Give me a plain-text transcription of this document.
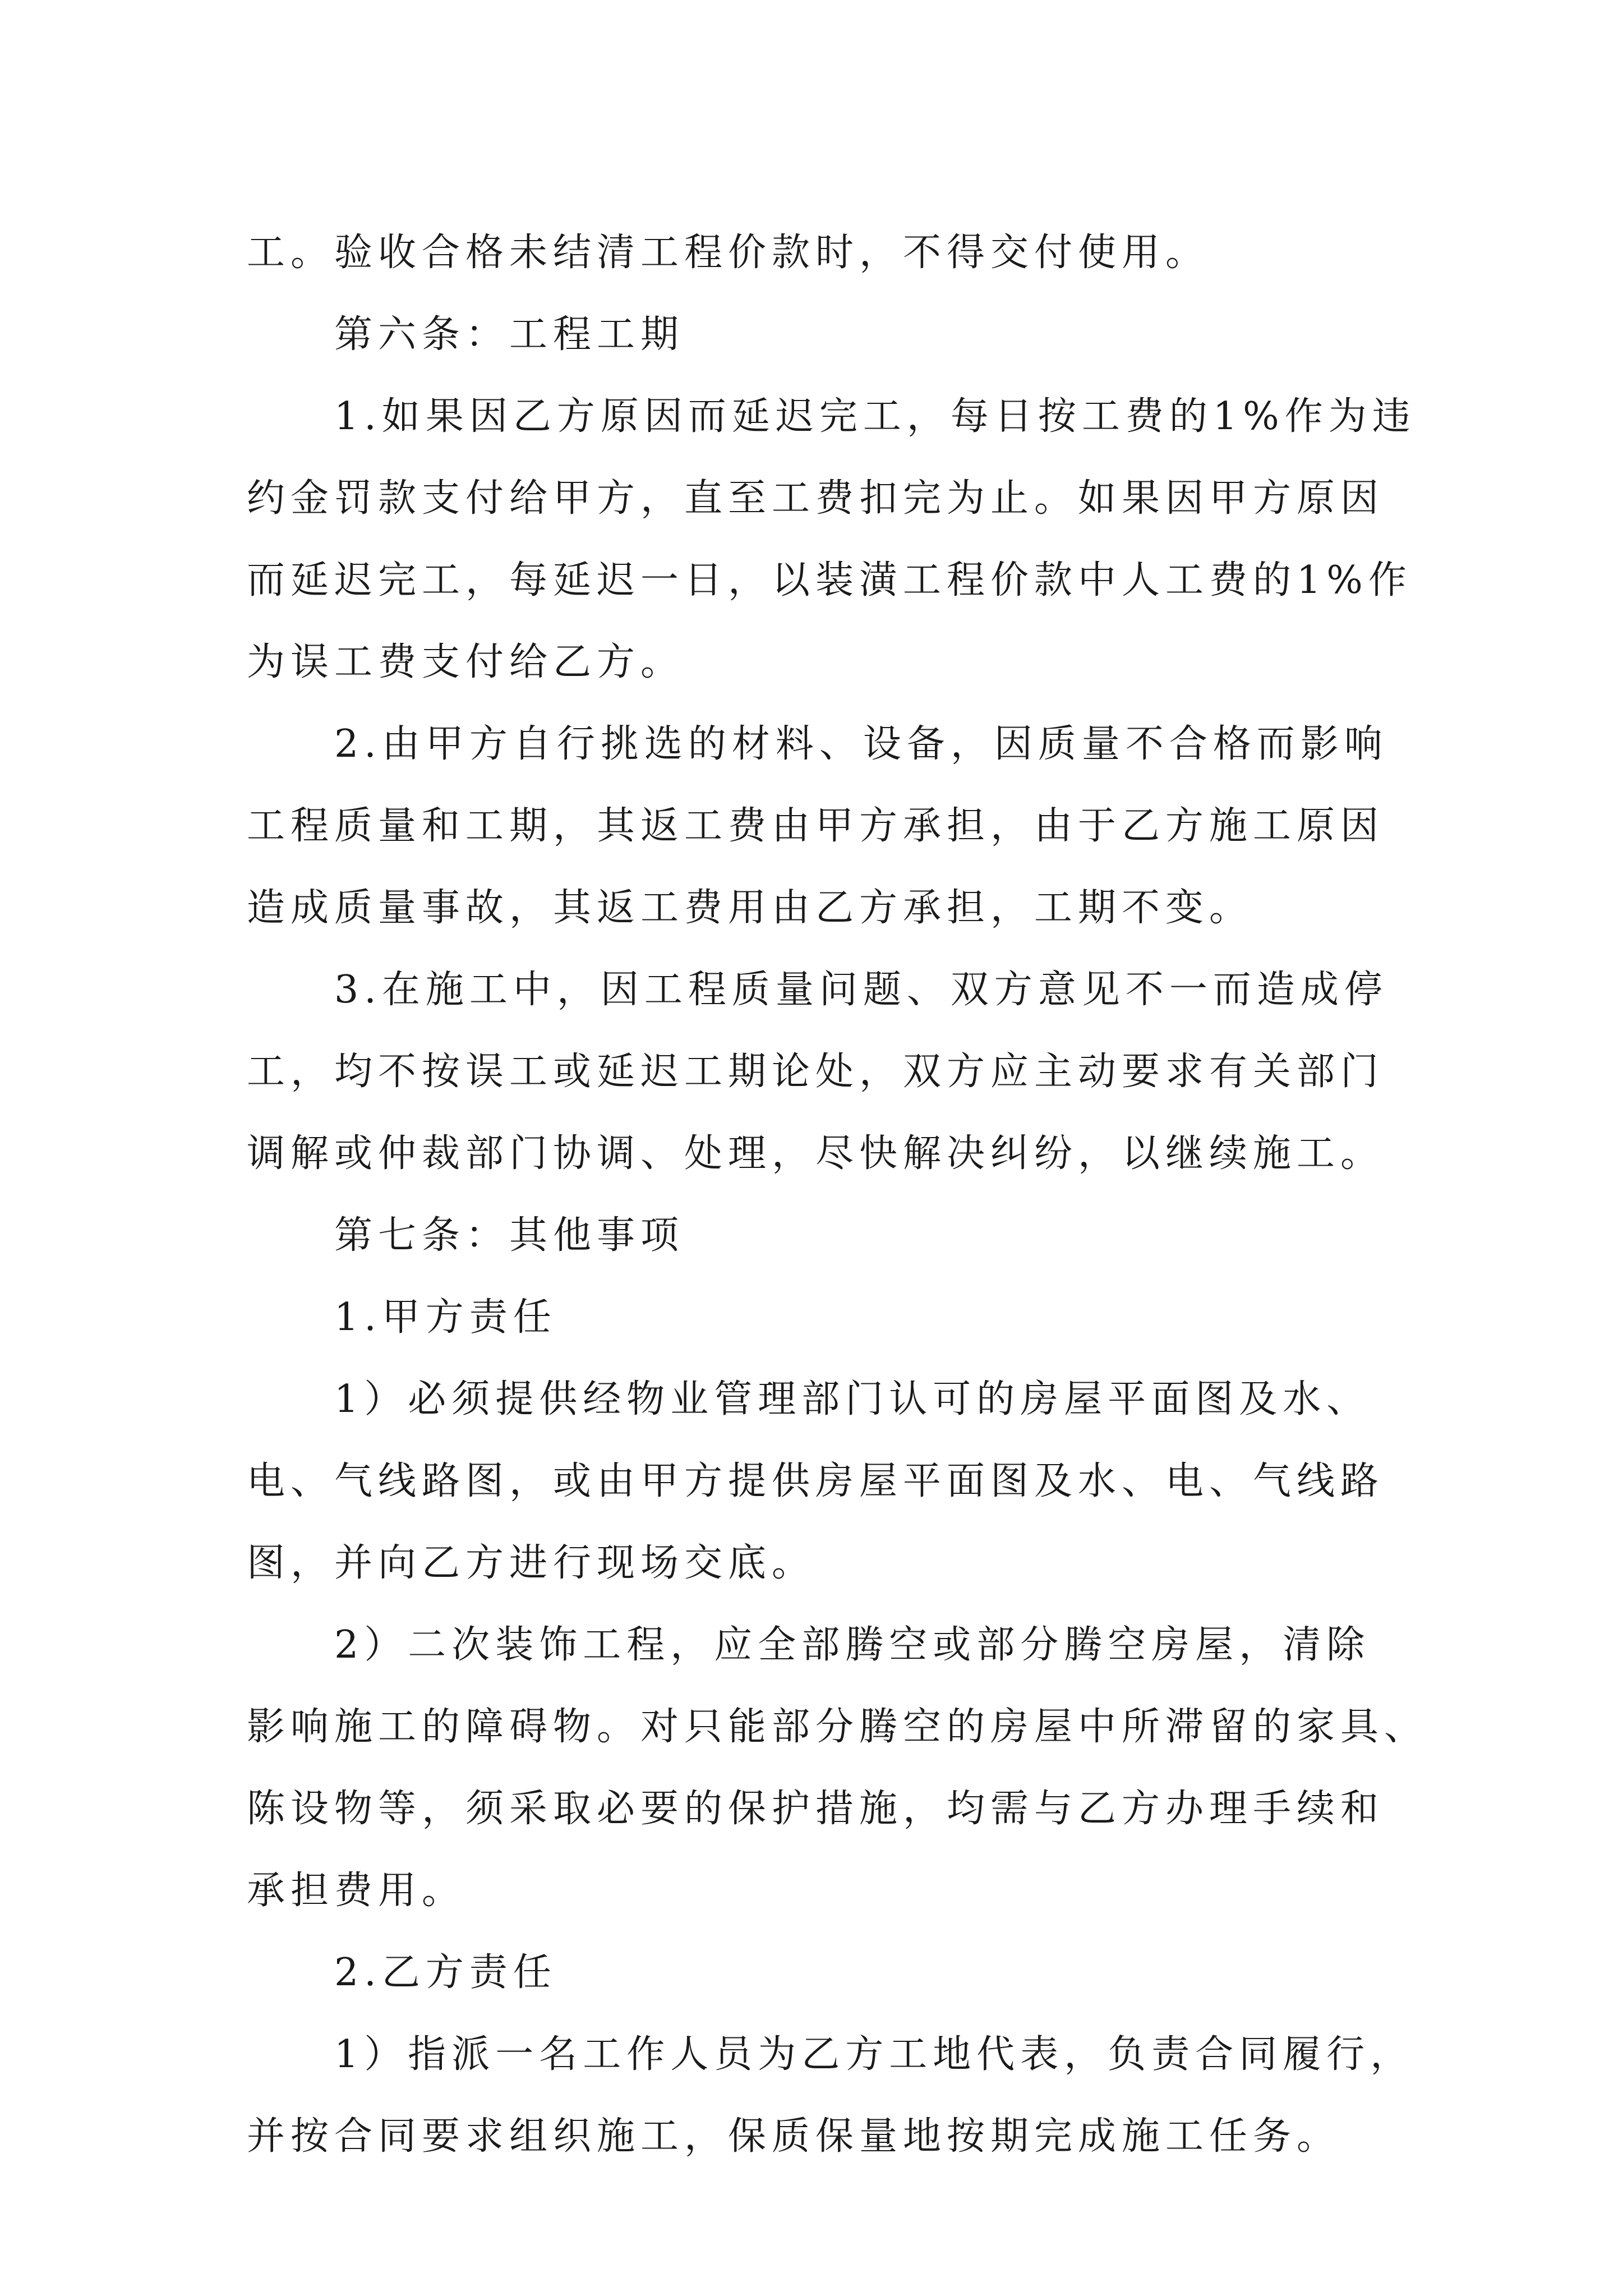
工。验收合格未结清工程价款时，不得交付使用。
第六条：工程工期
1.如果因乙方原因而延迟完工，每日按工费的1%作为违
约金罚款支付给甲方，直至工费扣完为止。如果因甲方原因
而延迟完工，每延迟一日，以装潢工程价款中人工费的1%作
为误工费支付给乙方。
2.由甲方自行挑选的材料、设备，因质量不合格而影响
工程质量和工期，其返工费由甲方承担，由于乙方施工原因
造成质量事故，其返工费用由乙方承担，工期不变。
3.在施工中，因工程质量问题、双方意见不一而造成停
工，均不按误工或延迟工期论处，双方应主动要求有关部门
调解或仲裁部门协调、处理，尽快解决纠纷，以继续施工。
第七条：其他事项
1.甲方责任
1）必须提供经物业管理部门认可的房屋平面图及水、
电、气线路图，或由甲方提供房屋平面图及水、电、气线路
图，并向乙方进行现场交底。
2）二次装饰工程，应全部腾空或部分腾空房屋，清除
影响施工的障碍物。对只能部分腾空的房屋中所滞留的家具、
陈设物等，须采取必要的保护措施，均需与乙方办理手续和
承担费用。
2.乙方责任
1）指派一名工作人员为乙方工地代表，负责合同履行，
并按合同要求组织施工，保质保量地按期完成施工任务。
